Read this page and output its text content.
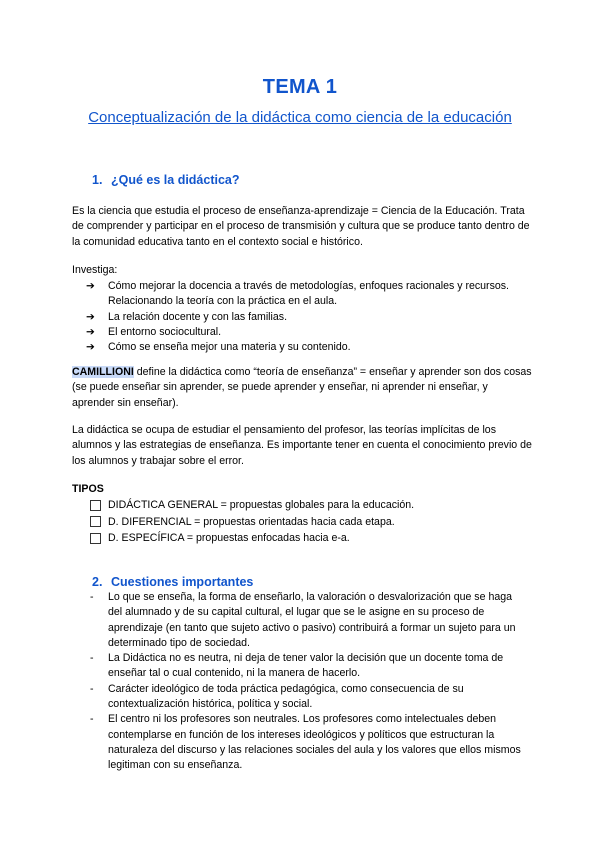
TEMA 1
Conceptualización de la didáctica como ciencia de la educación
1. ¿Qué es la didáctica?
Es la ciencia que estudia el proceso de enseñanza-aprendizaje = Ciencia de la Educación. Trata de comprender y participar en el proceso de transmisión y cultura que se produce tanto dentro de la comunidad educativa tanto en el contexto social e histórico.
Investiga:
➔ Cómo mejorar la docencia a través de metodologías, enfoques racionales y recursos. Relacionando la teoría con la práctica en el aula.
➔ La relación docente y con las familias.
➔ El entorno sociocultural.
➔ Cómo se enseña mejor una materia y su contenido.
CAMILLIONI define la didáctica como “teoría de enseñanza” = enseñar y aprender son dos cosas (se puede enseñar sin aprender, se puede aprender y enseñar, ni aprender ni enseñar, y aprender sin enseñar).
La didáctica se ocupa de estudiar el pensamiento del profesor, las teorías implícitas de los alumnos y las estrategias de enseñanza. Es importante tener en cuenta el conocimiento previo de los alumnos y trabajar sobre el error.
TIPOS
DIDÁCTICA GENERAL = propuestas globales para la educación.
D. DIFERENCIAL = propuestas orientadas hacia cada etapa.
D. ESPECÍFICA = propuestas enfocadas hacia e-a.
2. Cuestiones importantes
- Lo que se enseña, la forma de enseñarlo, la valoración o desvalorización que se haga del alumnado y de su capital cultural, el lugar que se le asigne en su proceso de aprendizaje (en tanto que sujeto activo o pasivo) contribuirá a formar un sujeto para un determinado tipo de sociedad.
- La Didáctica no es neutra, ni deja de tener valor la decisión que un docente toma de enseñar tal o cual contenido, ni la manera de hacerlo.
- Carácter ideológico de toda práctica pedagógica, como consecuencia de su contextualización histórica, política y social.
- El centro ni los profesores son neutrales. Los profesores como intelectuales deben contemplarse en función de los intereses ideológicos y políticos que estructuran la naturaleza del discurso y las relaciones sociales del aula y los valores que ellos mismos legitiman con su enseñanza.
